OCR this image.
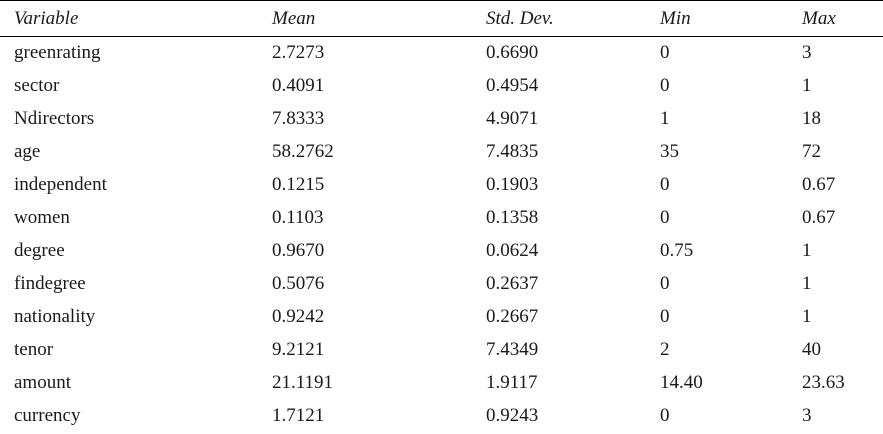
Variable	Mean	Std. Dev.	Min	Max
greenrating	2.7273	0.6690	0	3
sector	0.4091	0.4954	0	1
Ndirectors	7.8333	4.9071	1	18
age	58.2762	7.4835	35	72
independent	0.1215	0.1903	0	0.67
women	0.1103	0.1358	0	0.67
degree	0.9670	0.0624	0.75	1
findegree	0.5076	0.2637	0	1
nationality	0.9242	0.2667	0	1
tenor	9.2121	7.4349	2	40
amount	21.1191	1.9117	14.40	23.63
currency	1.7121	0.9243	0	3
